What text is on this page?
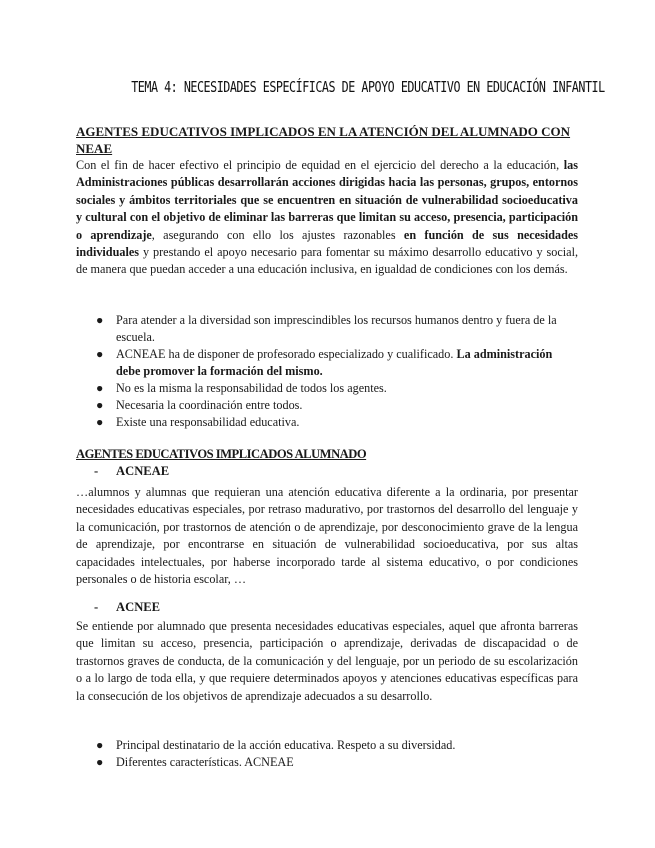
TEMA 4: NECESIDADES ESPECÍFICAS DE APOYO EDUCATIVO EN EDUCACIÓN INFANTIL
AGENTES EDUCATIVOS IMPLICADOS EN LA ATENCIÓN DEL ALUMNADO CON NEAE
Con el fin de hacer efectivo el principio de equidad en el ejercicio del derecho a la educación, las Administraciones públicas desarrollarán acciones dirigidas hacia las personas, grupos, entornos sociales y ámbitos territoriales que se encuentren en situación de vulnerabilidad socioeducativa y cultural con el objetivo de eliminar las barreras que limitan su acceso, presencia, participación o aprendizaje, asegurando con ello los ajustes razonables en función de sus necesidades individuales y prestando el apoyo necesario para fomentar su máximo desarrollo educativo y social, de manera que puedan acceder a una educación inclusiva, en igualdad de condiciones con los demás.
● Para atender a la diversidad son imprescindibles los recursos humanos dentro y fuera de la escuela.
● ACNEAE ha de disponer de profesorado especializado y cualificado. La administración debe promover la formación del mismo.
● No es la misma la responsabilidad de todos los agentes.
● Necesaria la coordinación entre todos.
● Existe una responsabilidad educativa.
AGENTES EDUCATIVOS IMPLICADOS ALUMNADO
- ACNEAE
…alumnos y alumnas que requieran una atención educativa diferente a la ordinaria, por presentar necesidades educativas especiales, por retraso madurativo, por trastornos del desarrollo del lenguaje y la comunicación, por trastornos de atención o de aprendizaje, por desconocimiento grave de la lengua de aprendizaje, por encontrarse en situación de vulnerabilidad socioeducativa, por sus altas capacidades intelectuales, por haberse incorporado tarde al sistema educativo, o por condiciones personales o de historia escolar, …
- ACNEE
Se entiende por alumnado que presenta necesidades educativas especiales, aquel que afronta barreras que limitan su acceso, presencia, participación o aprendizaje, derivadas de discapacidad o de trastornos graves de conducta, de la comunicación y del lenguaje, por un periodo de su escolarización o a lo largo de toda ella, y que requiere determinados apoyos y atenciones educativas específicas para la consecución de los objetivos de aprendizaje adecuados a su desarrollo.
● Principal destinatario de la acción educativa. Respeto a su diversidad.
● Diferentes características. ACNEAE
